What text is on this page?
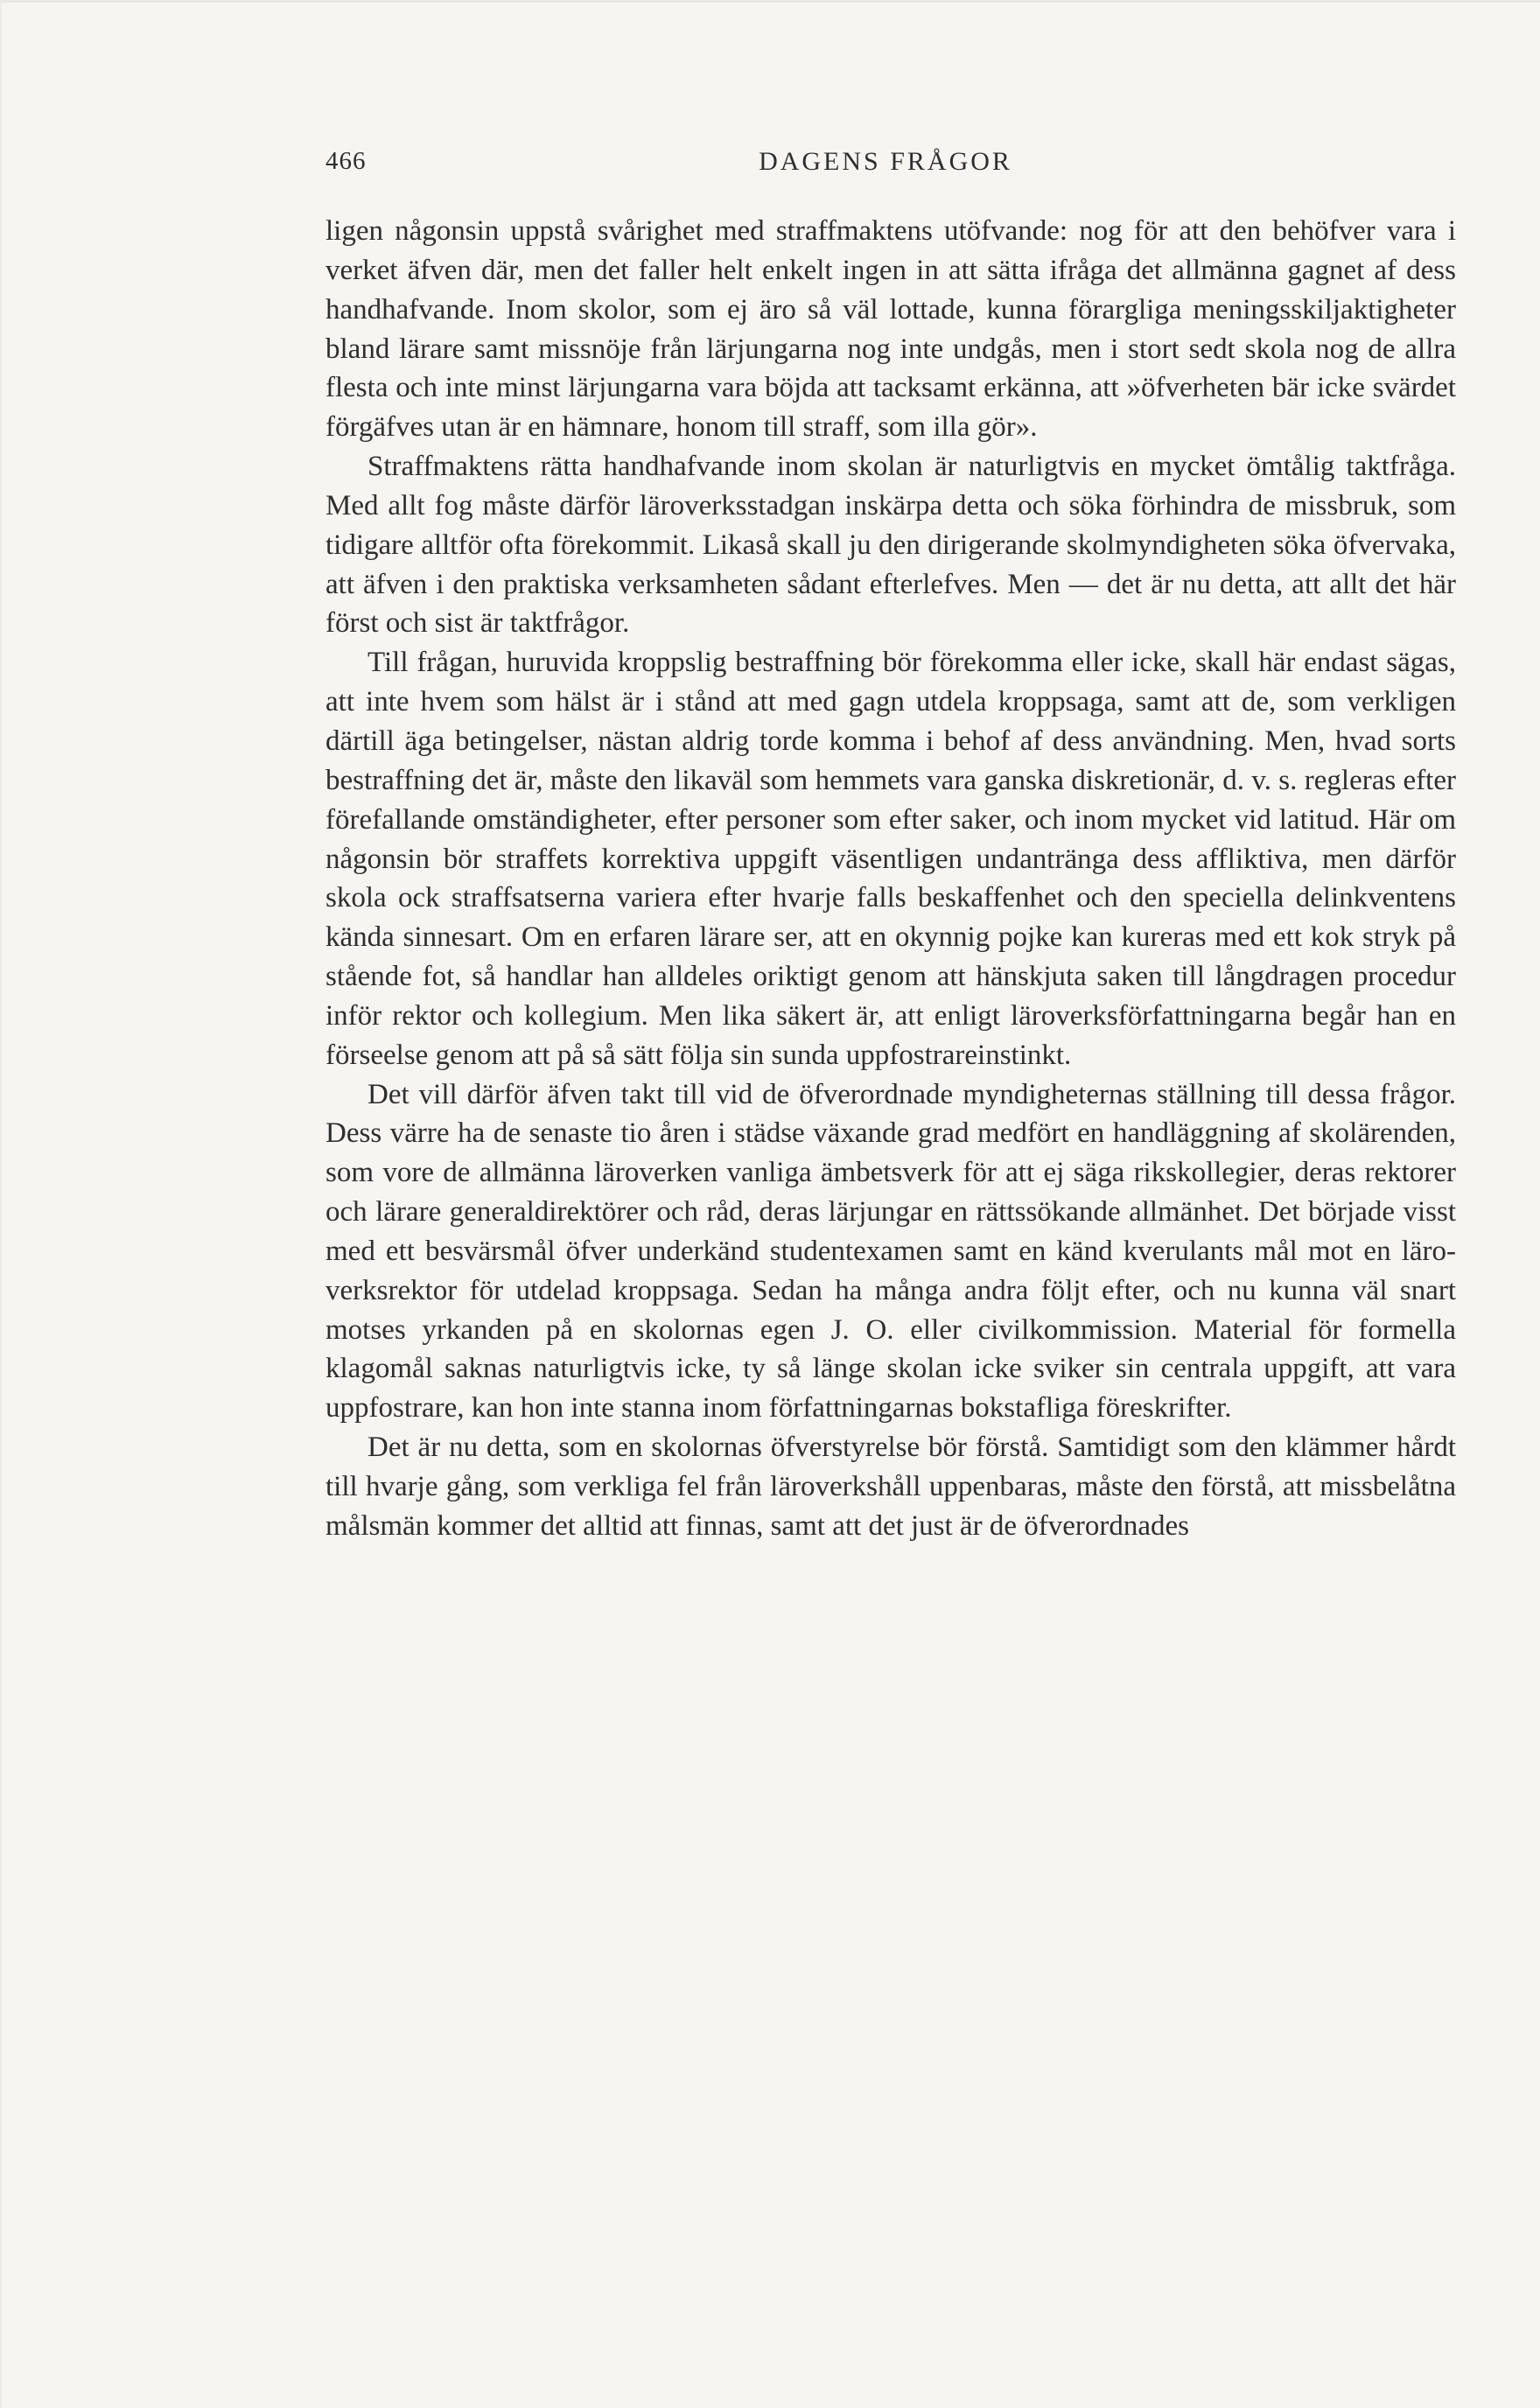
466	DAGENS FRÅGOR

ligen någonsin uppstå svårighet med straffmaktens utöfvande: nog för att den behöfver vara i verket äfven där, men det faller helt enkelt ingen in att sätta ifråga det allmänna gagnet af dess handhafvande. Inom skolor, som ej äro så väl lottade, kunna förargliga meningsskiljaktigheter bland lärare samt missnöje från lärjungarna nog inte undgås, men i stort sedt skola nog de allra flesta och inte minst lärjungarna vara böjda att tacksamt erkänna, att »öfverheten bär icke svärdet förgäfves utan är en hämnare, honom till straff, som illa gör».

Straffmaktens rätta handhafvande inom skolan är naturligtvis en mycket ömtålig taktfråga. Med allt fog måste därför läroverksstadgan inskärpa detta och söka förhindra de missbruk, som tidigare alltför ofta förekommit. Likaså skall ju den dirigerande skolmyndigheten söka öfvervaka, att äfven i den praktiska verksamheten sådant efterlefves. Men — det är nu detta, att allt det här först och sist är taktfrågor.

Till frågan, huruvida kroppslig bestraffning bör förekomma eller icke, skall här endast sägas, att inte hvem som hälst är i stånd att med gagn utdela kroppsaga, samt att de, som verkligen därtill äga betingelser, nästan aldrig torde komma i behof af dess användning. Men, hvad sorts bestraffning det är, måste den likaväl som hemmets vara ganska diskretionär, d. v. s. regleras efter förefallande omständigheter, efter personer som efter saker, och inom mycket vid latitud. Här om någonsin bör straffets korrektiva uppgift väsentligen undantränga dess affliktiva, men därför skola ock straffsatserna variera efter hvarje falls beskaffenhet och den speciella delinkventens kända sinnesart. Om en erfaren lärare ser, att en okynnig pojke kan kureras med ett kok stryk på stående fot, så handlar han alldeles oriktigt genom att hänskjuta saken till långdragen procedur inför rektor och kollegium. Men lika säkert är, att enligt läroverksförfattningarna begår han en förseelse genom att på så sätt följa sin sunda uppfostrareinstinkt.

Det vill därför äfven takt till vid de öfverordnade myndigheternas ställning till dessa frågor. Dess värre ha de senaste tio åren i städse växande grad medfört en handläggning af skolärenden, som vore de allmänna läroverken vanliga ämbetsverk för att ej säga rikskollegier, deras rektorer och lärare generaldirektörer och råd, deras lärjungar en rättssökande allmänhet. Det började visst med ett besvärsmål öfver underkänd studentexamen samt en känd kverulants mål mot en läroverksrektor för utdelad kroppsaga. Sedan ha många andra följt efter, och nu kunna väl snart motses yrkanden på en skolornas egen J. O. eller civilkommission. Material för formella klagomål saknas naturligtvis icke, ty så länge skolan icke sviker sin centrala uppgift, att vara uppfostrare, kan hon inte stanna inom författningarnas bokstafliga föreskrifter.

Det är nu detta, som en skolornas öfverstyrelse bör förstå. Samtidigt som den klämmer hårdt till hvarje gång, som verkliga fel från läroverkshåll uppenbaras, måste den förstå, att missbelåtna målsmän kommer det alltid att finnas, samt att det just är de öfverordnades
